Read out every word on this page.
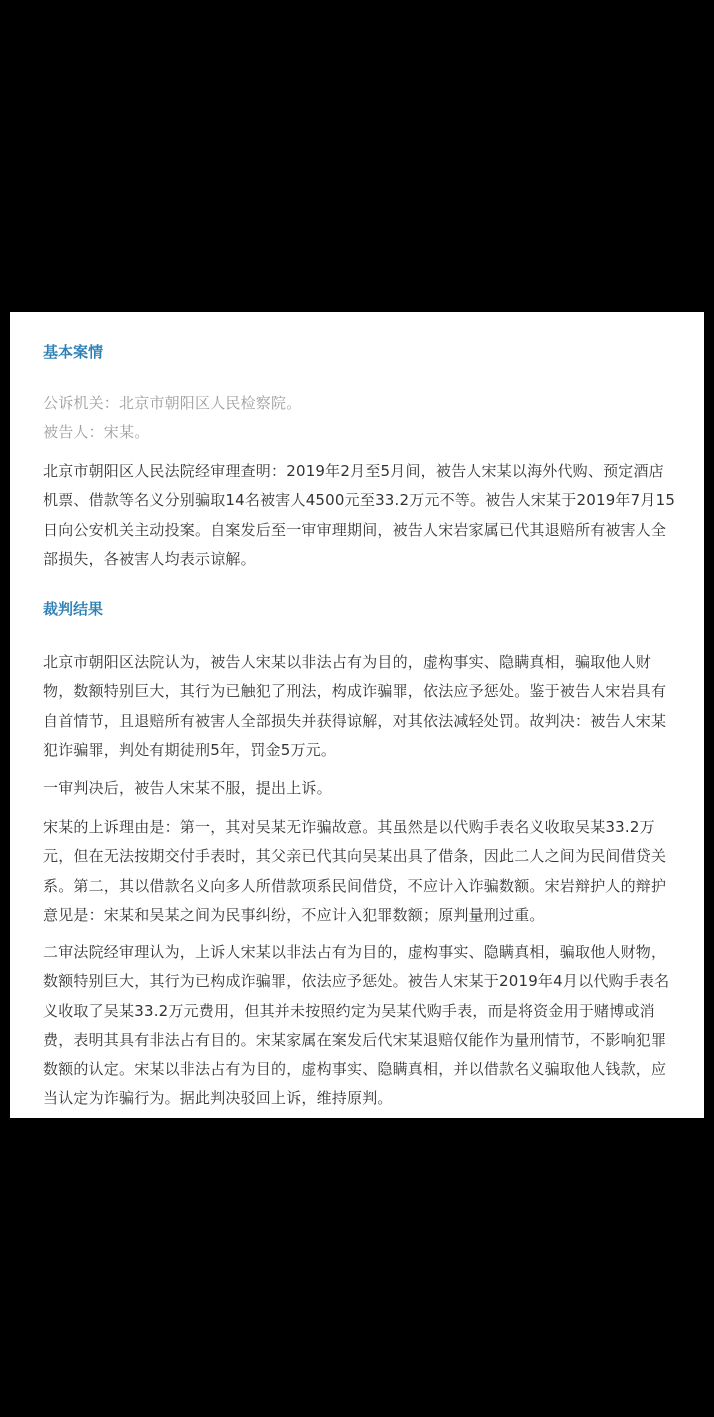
基本案情
公诉机关：北京市朝阳区人民检察院。
被告人：宋某。
北京市朝阳区人民法院经审理查明：2019年2月至5月间，被告人宋某以海外代购、预定酒店
机票、借款等名义分别骗取14名被害人4500元至33.2万元不等。被告人宋某于2019年7月15
日向公安机关主动投案。自案发后至一审审理期间，被告人宋岩家属已代其退赔所有被害人全
部损失，各被害人均表示谅解。
裁判结果
北京市朝阳区法院认为，被告人宋某以非法占有为目的，虚构事实、隐瞒真相，骗取他人财
物，数额特别巨大，其行为已触犯了刑法，构成诈骗罪，依法应予惩处。鉴于被告人宋岩具有
自首情节，且退赔所有被害人全部损失并获得谅解，对其依法减轻处罚。故判决：被告人宋某
犯诈骗罪，判处有期徒刑5年，罚金5万元。
一审判决后，被告人宋某不服，提出上诉。
宋某的上诉理由是：第一，其对吴某无诈骗故意。其虽然是以代购手表名义收取吴某33.2万
元，但在无法按期交付手表时，其父亲已代其向吴某出具了借条，因此二人之间为民间借贷关
系。第二，其以借款名义向多人所借款项系民间借贷，不应计入诈骗数额。宋岩辩护人的辩护
意见是：宋某和吴某之间为民事纠纷，不应计入犯罪数额；原判量刑过重。
二审法院经审理认为，上诉人宋某以非法占有为目的，虚构事实、隐瞒真相，骗取他人财物，
数额特别巨大，其行为已构成诈骗罪，依法应予惩处。被告人宋某于2019年4月以代购手表名
义收取了吴某33.2万元费用，但其并未按照约定为吴某代购手表，而是将资金用于赌博或消
费，表明其具有非法占有目的。宋某家属在案发后代宋某退赔仅能作为量刑情节，不影响犯罪
数额的认定。宋某以非法占有为目的，虚构事实、隐瞒真相，并以借款名义骗取他人钱款，应
当认定为诈骗行为。据此判决驳回上诉，维持原判。
